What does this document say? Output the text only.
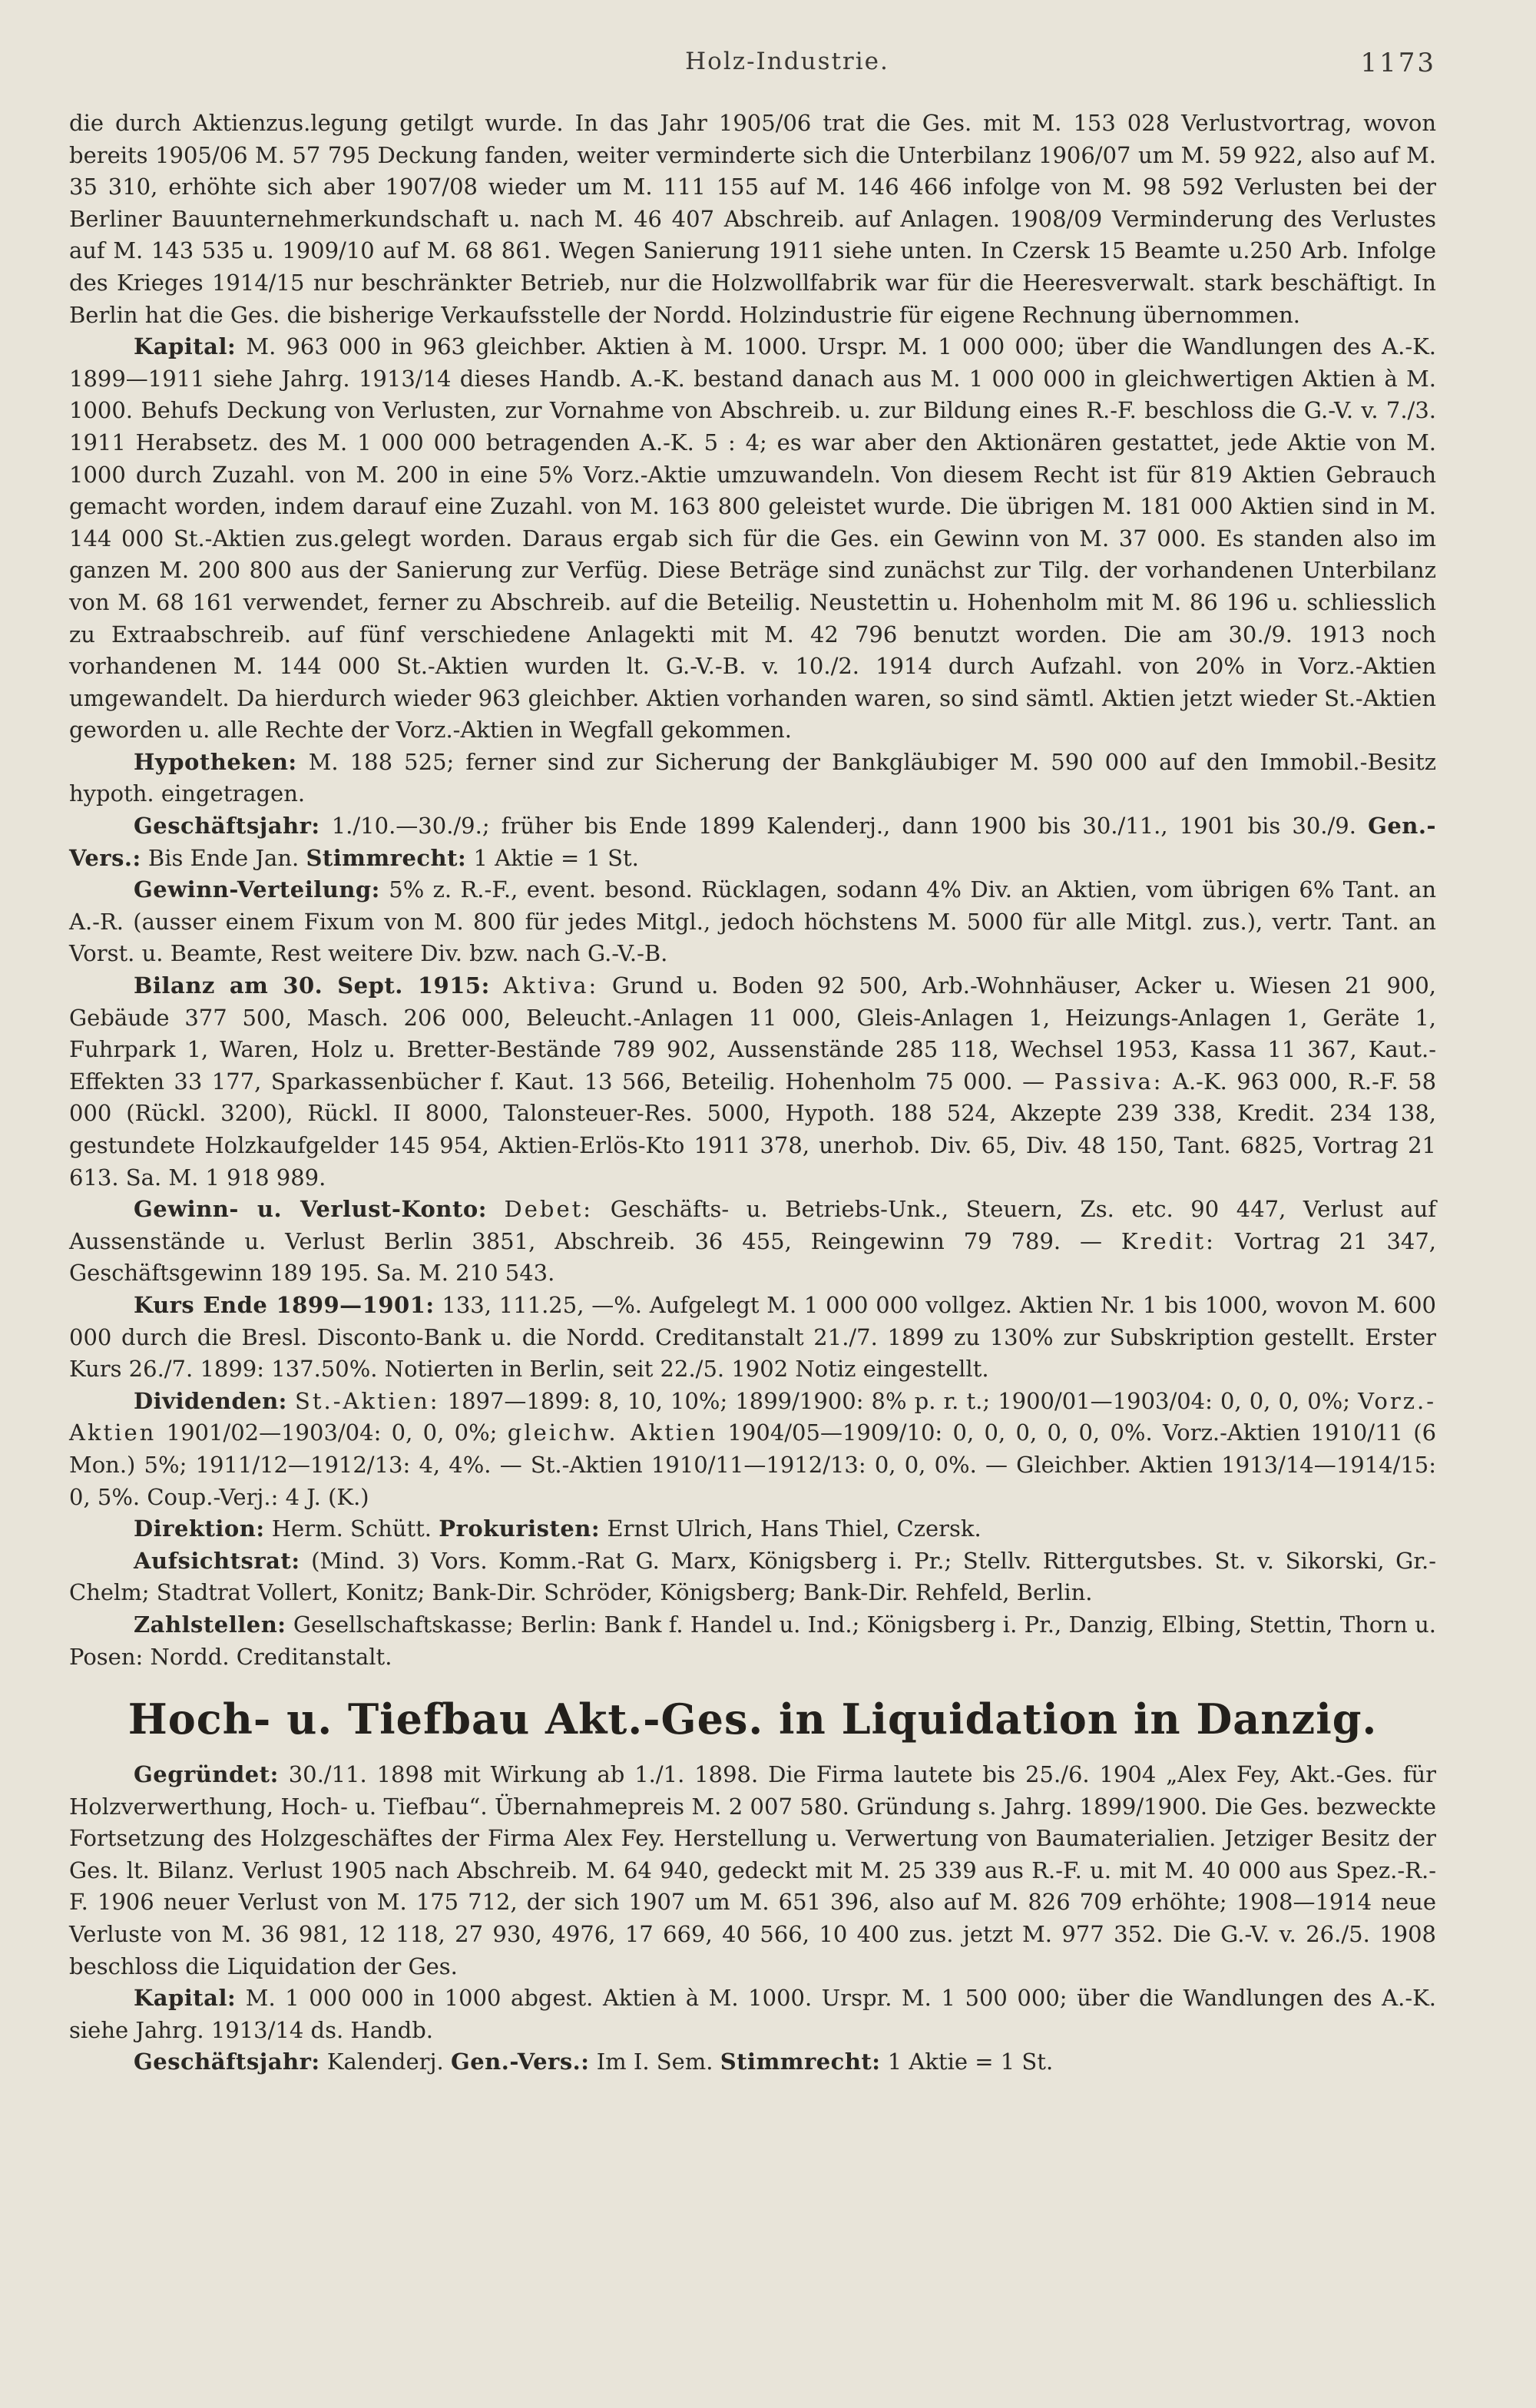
Holz-Industrie.	1173

die durch Aktienzus.legung getilgt wurde. In das Jahr 1905/06 trat die Ges. mit M. 153 028 Verlustvortrag, wovon bereits 1905/06 M. 57 795 Deckung fanden, weiter verminderte sich die Unterbilanz 1906/07 um M. 59 922, also auf M. 35 310, erhöhte sich aber 1907/08 wieder um M. 111 155 auf M. 146 466 infolge von M. 98 592 Verlusten bei der Berliner Bauunternehmerkundschaft u. nach M. 46 407 Abschreib. auf Anlagen. 1908/09 Verminderung des Verlustes auf M. 143 535 u. 1909/10 auf M. 68 861. Wegen Sanierung 1911 siehe unten. In Czersk 15 Beamte u.250 Arb. Infolge des Krieges 1914/15 nur beschränkter Betrieb, nur die Holzwollfabrik war für die Heeresverwalt. stark beschäftigt. In Berlin hat die Ges. die bisherige Verkaufsstelle der Nordd. Holzindustrie für eigene Rechnung übernommen.

Kapital: M. 963 000 in 963 gleichber. Aktien à M. 1000. Urspr. M. 1 000 000; über die Wandlungen des A.-K. 1899—1911 siehe Jahrg. 1913/14 dieses Handb. A.-K. bestand danach aus M. 1 000 000 in gleichwertigen Aktien à M. 1000. Behufs Deckung von Verlusten, zur Vornahme von Abschreib. u. zur Bildung eines R.-F. beschloss die G.-V. v. 7./3. 1911 Herabsetz. des M. 1 000 000 betragenden A.-K. 5 : 4; es war aber den Aktionären gestattet, jede Aktie von M. 1000 durch Zuzahl. von M. 200 in eine 5% Vorz.-Aktie umzuwandeln. Von diesem Recht ist für 819 Aktien Gebrauch gemacht worden, indem darauf eine Zuzahl. von M. 163 800 geleistet wurde. Die übrigen M. 181 000 Aktien sind in M. 144 000 St.-Aktien zus.gelegt worden. Daraus ergab sich für die Ges. ein Gewinn von M. 37 000. Es standen also im ganzen M. 200 800 aus der Sanierung zur Verfüg. Diese Beträge sind zunächst zur Tilg. der vorhandenen Unterbilanz von M. 68 161 verwendet, ferner zu Abschreib. auf die Beteilig. Neustettin u. Hohenholm mit M. 86 196 u. schliesslich zu Extraabschreib. auf fünf verschiedene Anlagekti mit M. 42 796 benutzt worden. Die am 30./9. 1913 noch vorhandenen M. 144 000 St.-Aktien wurden lt. G.-V.-B. v. 10./2. 1914 durch Aufzahl. von 20% in Vorz.-Aktien umgewandelt. Da hierdurch wieder 963 gleichber. Aktien vorhanden waren, so sind sämtl. Aktien jetzt wieder St.-Aktien geworden u. alle Rechte der Vorz.-Aktien in Wegfall gekommen.

Hypotheken: M. 188 525; ferner sind zur Sicherung der Bankgläubiger M. 590 000 auf den Immobil.-Besitz hypoth. eingetragen.

Geschäftsjahr: 1./10.—30./9.; früher bis Ende 1899 Kalenderj., dann 1900 bis 30./11., 1901 bis 30./9. Gen.-Vers.: Bis Ende Jan. Stimmrecht: 1 Aktie = 1 St.

Gewinn-Verteilung: 5% z. R.-F., event. besond. Rücklagen, sodann 4% Div. an Aktien, vom übrigen 6% Tant. an A.-R. (ausser einem Fixum von M. 800 für jedes Mitgl., jedoch höchstens M. 5000 für alle Mitgl. zus.), vertr. Tant. an Vorst. u. Beamte, Rest weitere Div. bzw. nach G.-V.-B.

Bilanz am 30. Sept. 1915: Aktiva: Grund u. Boden 92 500, Arb.-Wohnhäuser, Acker u. Wiesen 21 900, Gebäude 377 500, Masch. 206 000, Beleucht.-Anlagen 11 000, Gleis-Anlagen 1, Heizungs-Anlagen 1, Geräte 1, Fuhrpark 1, Waren, Holz u. Bretter-Bestände 789 902, Aussenstände 285 118, Wechsel 1953, Kassa 11 367, Kaut.-Effekten 33 177, Sparkassenbücher f. Kaut. 13 566, Beteilig. Hohenholm 75 000. — Passiva: A.-K. 963 000, R.-F. 58 000 (Rückl. 3200), Rückl. II 8000, Talonsteuer-Res. 5000, Hypoth. 188 524, Akzepte 239 338, Kredit. 234 138, gestundete Holzkaufgelder 145 954, Aktien-Erlös-Kto 1911 378, unerhob. Div. 65, Div. 48 150, Tant. 6825, Vortrag 21 613. Sa. M. 1 918 989.

Gewinn- u. Verlust-Konto: Debet: Geschäfts- u. Betriebs-Unk., Steuern, Zs. etc. 90 447, Verlust auf Aussenstände u. Verlust Berlin 3851, Abschreib. 36 455, Reingewinn 79 789. — Kredit: Vortrag 21 347, Geschäftsgewinn 189 195. Sa. M. 210 543.

Kurs Ende 1899—1901: 133, 111.25, —%. Aufgelegt M. 1 000 000 vollgez. Aktien Nr. 1 bis 1000, wovon M. 600 000 durch die Bresl. Disconto-Bank u. die Nordd. Creditanstalt 21./7. 1899 zu 130% zur Subskription gestellt. Erster Kurs 26./7. 1899: 137.50%. Notierten in Berlin, seit 22./5. 1902 Notiz eingestellt.

Dividenden: St.-Aktien: 1897—1899: 8, 10, 10%; 1899/1900: 8% p. r. t.; 1900/01—1903/04: 0, 0, 0, 0%; Vorz.-Aktien 1901/02—1903/04: 0, 0, 0%; gleichw. Aktien 1904/05—1909/10: 0, 0, 0, 0, 0, 0%. Vorz.-Aktien 1910/11 (6 Mon.) 5%; 1911/12—1912/13: 4, 4%. — St.-Aktien 1910/11—1912/13: 0, 0, 0%. — Gleichber. Aktien 1913/14—1914/15: 0, 5%. Coup.-Verj.: 4 J. (K.)

Direktion: Herm. Schütt. Prokuristen: Ernst Ulrich, Hans Thiel, Czersk.

Aufsichtsrat: (Mind. 3) Vors. Komm.-Rat G. Marx, Königsberg i. Pr.; Stellv. Rittergutsbes. St. v. Sikorski, Gr.-Chelm; Stadtrat Vollert, Konitz; Bank-Dir. Schröder, Königsberg; Bank-Dir. Rehfeld, Berlin.

Zahlstellen: Gesellschaftskasse; Berlin: Bank f. Handel u. Ind.; Königsberg i. Pr., Danzig, Elbing, Stettin, Thorn u. Posen: Nordd. Creditanstalt.

Hoch- u. Tiefbau Akt.-Ges. in Liquidation in Danzig.

Gegründet: 30./11. 1898 mit Wirkung ab 1./1. 1898. Die Firma lautete bis 25./6. 1904 „Alex Fey, Akt.-Ges. für Holzverwerthung, Hoch- u. Tiefbau“. Übernahmepreis M. 2 007 580. Gründung s. Jahrg. 1899/1900. Die Ges. bezweckte Fortsetzung des Holzgeschäftes der Firma Alex Fey. Herstellung u. Verwertung von Baumaterialien. Jetziger Besitz der Ges. lt. Bilanz. Verlust 1905 nach Abschreib. M. 64 940, gedeckt mit M. 25 339 aus R.-F. u. mit M. 40 000 aus Spez.-R.-F. 1906 neuer Verlust von M. 175 712, der sich 1907 um M. 651 396, also auf M. 826 709 erhöhte; 1908—1914 neue Verluste von M. 36 981, 12 118, 27 930, 4976, 17 669, 40 566, 10 400 zus. jetzt M. 977 352. Die G.-V. v. 26./5. 1908 beschloss die Liquidation der Ges.

Kapital: M. 1 000 000 in 1000 abgest. Aktien à M. 1000. Urspr. M. 1 500 000; über die Wandlungen des A.-K. siehe Jahrg. 1913/14 ds. Handb.

Geschäftsjahr: Kalenderj. Gen.-Vers.: Im I. Sem. Stimmrecht: 1 Aktie = 1 St.
